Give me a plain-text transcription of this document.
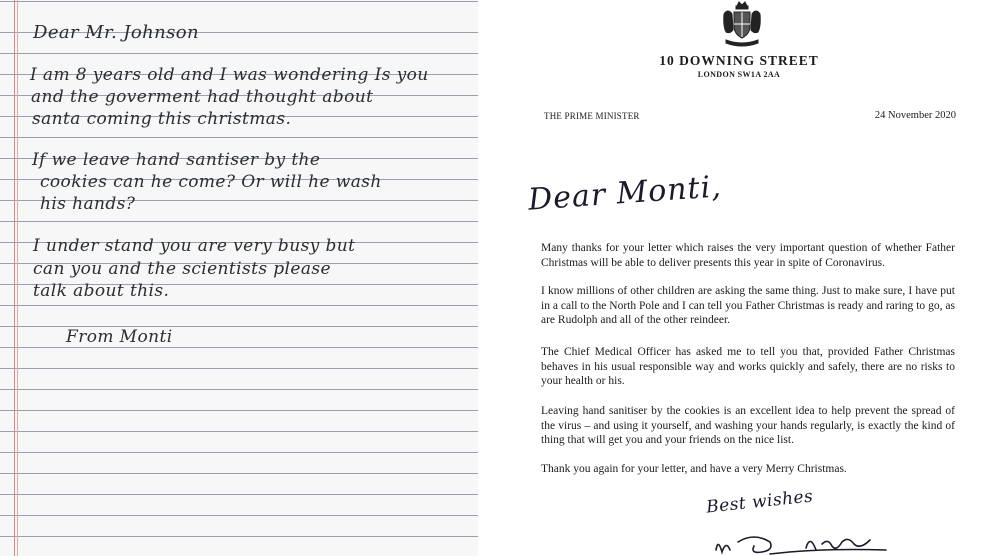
Dear Mr. Johnson
I am 8 years old and I was wondering Is you
and the goverment had thought about
santa coming this christmas.
If we leave hand santiser by the
cookies can he come? Or will he wash
his hands?
I under stand you are very busy but
can you and the scientists please
talk about this.
From Monti
10 DOWNING STREET
LONDON SW1A 2AA
THE PRIME MINISTER	24 November 2020
Dear Monti,
Many thanks for your letter which raises the very important question of whether Father Christmas will be able to deliver presents this year in spite of Coronavirus.
I know millions of other children are asking the same thing. Just to make sure, I have put in a call to the North Pole and I can tell you Father Christmas is ready and raring to go, as are Rudolph and all of the other reindeer.
The Chief Medical Officer has asked me to tell you that, provided Father Christmas behaves in his usual responsible way and works quickly and safely, there are no risks to your health or his.
Leaving hand sanitiser by the cookies is an excellent idea to help prevent the spread of the virus – and using it yourself, and washing your hands regularly, is exactly the kind of thing that will get you and your friends on the nice list.
Thank you again for your letter, and have a very Merry Christmas.
Best wishes
